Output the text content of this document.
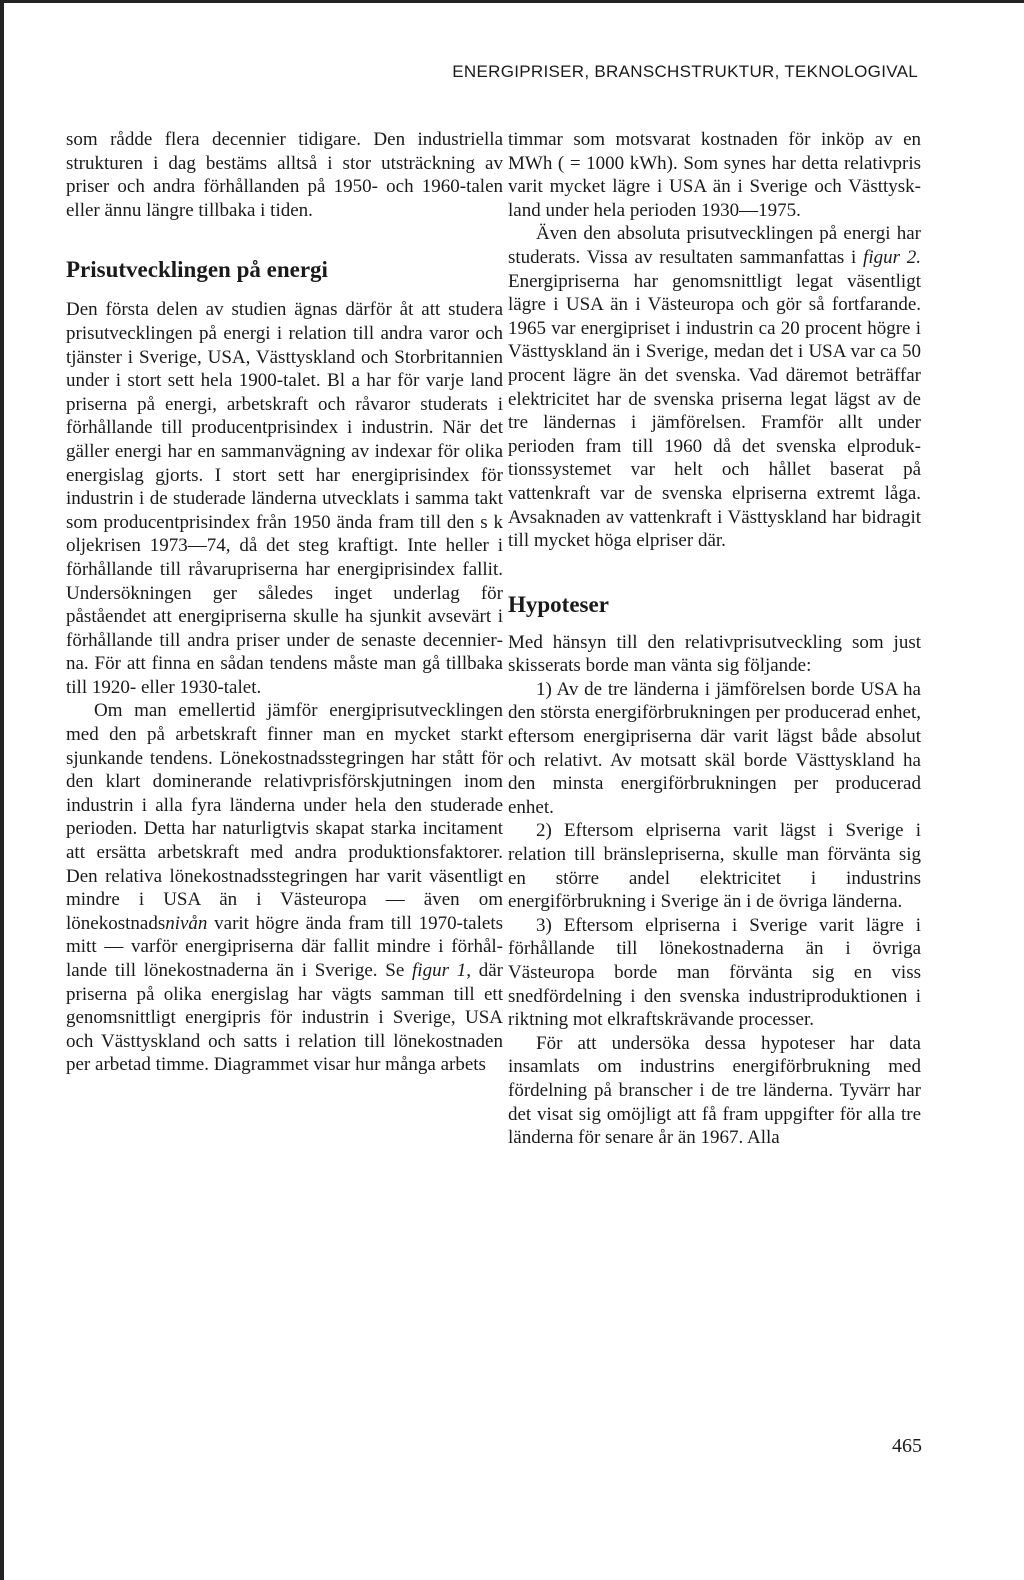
ENERGIPRISER, BRANSCHSTRUKTUR, TEKNOLOGIVAL

som rådde flera decennier tidigare. Den industriella strukturen i dag bestäms alltså i stor utsträckning av priser och andra förhållanden på 1950- och 1960-talen eller ännu längre tillbaka i tiden.

Prisutvecklingen på energi

Den första delen av studien ägnas därför åt att studera prisutvecklingen på energi i relation till andra varor och tjänster i Sverige, USA, Västtyskland och Storbritannien under i stort sett hela 1900-talet. Bl a har för varje land priserna på energi, arbetskraft och råvaror studerats i förhållande till producentprisindex i industrin. När det gäller energi har en sammanvägning av indexar för olika energislag gjorts. I stort sett har energiprisindex för industrin i de studerade länderna utvecklats i samma takt som producentprisindex från 1950 ända fram till den s k oljekrisen 1973—74, då det steg kraftigt. Inte heller i förhållande till råvarupriserna har energiprisindex fallit. Undersökningen ger således inget underlag för påståendet att energipriserna skulle ha sjunkit avsevärt i förhållande till andra priser under de senaste decennierna. För att finna en sådan tendens måste man gå tillbaka till 1920- eller 1930-talet.

Om man emellertid jämför energiprisutvecklingen med den på arbetskraft finner man en mycket starkt sjunkande tendens. Lönekostnadsstegringen har stått för den klart dominerande relativprisförskjutningen inom industrin i alla fyra länderna under hela den studerade perioden. Detta har naturligtvis skapat starka incitament att ersätta arbetskraft med andra produktionsfaktorer. Den relativa lönekostnadsstegringen har varit väsentligt mindre i USA än i Västeuropa — även om lönekostnadsnivån varit högre ända fram till 1970-talets mitt — varför energipriserna där fallit mindre i förhållande till lönekostnaderna än i Sverige. Se figur 1, där priserna på olika energislag har vägts samman till ett genomsnittligt energipris för industrin i Sverige, USA och Västtyskland och satts i relation till lönekostnaden per arbetad timme. Diagrammet visar hur många arbets

timmar som motsvarat kostnaden för inköp av en MWh ( = 1000 kWh). Som synes har detta relativpris varit mycket lägre i USA än i Sverige och Västtyskland under hela perioden 1930—1975.

Även den absoluta prisutvecklingen på energi har studerats. Vissa av resultaten sammanfattas i figur 2. Energipriserna har genomsnittligt legat väsentligt lägre i USA än i Västeuropa och gör så fortfarande. 1965 var energipriset i industrin ca 20 procent högre i Västtyskland än i Sverige, medan det i USA var ca 50 procent lägre än det svenska. Vad däremot beträffar elektricitet har de svenska priserna legat lägst av de tre ländernas i jämförelsen. Framför allt under perioden fram till 1960 då det svenska elproduktionssystemet var helt och hållet baserat på vattenkraft var de svenska elpriserna extremt låga. Avsaknaden av vattenkraft i Västtyskland har bidragit till mycket höga elpriser där.

Hypoteser

Med hänsyn till den relativprisutveckling som just skisserats borde man vänta sig följande:

1) Av de tre länderna i jämförelsen borde USA ha den största energiförbrukningen per producerad enhet, eftersom energipriserna där varit lägst både absolut och relativt. Av motsatt skäl borde Västtyskland ha den minsta energiförbrukningen per producerad enhet.

2) Eftersom elpriserna varit lägst i Sverige i relation till bränslepriserna, skulle man förvänta sig en större andel elektricitet i industrins energiförbrukning i Sverige än i de övriga länderna.

3) Eftersom elpriserna i Sverige varit lägre i förhållande till lönekostnaderna än i övriga Västeuropa borde man förvänta sig en viss snedfördelning i den svenska industriproduktionen i riktning mot elkraftskrävande processer.

För att undersöka dessa hypoteser har data insamlats om industrins energiförbrukning med fördelning på branscher i de tre länderna. Tyvärr har det visat sig omöjligt att få fram uppgifter för alla tre länderna för senare år än 1967. Alla

465
